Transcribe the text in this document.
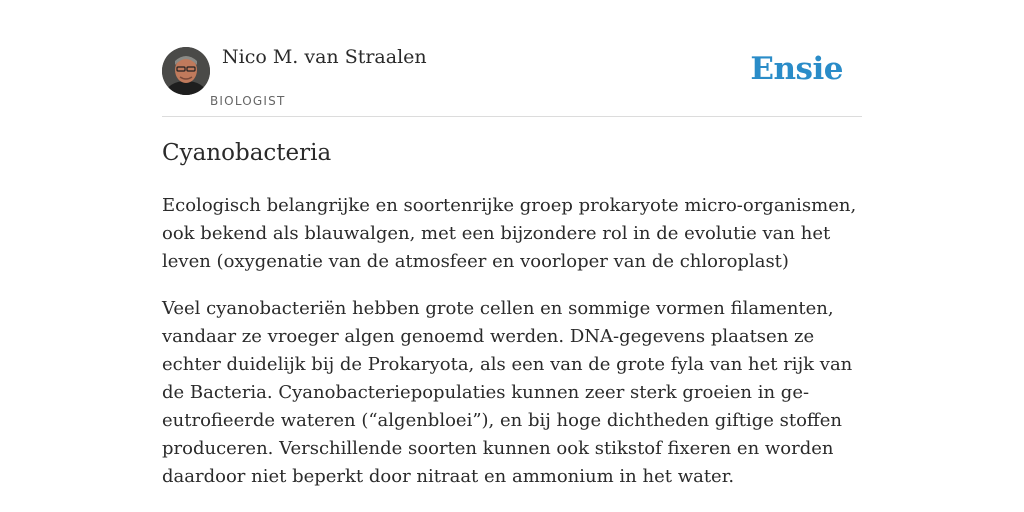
Nico M. van Straalen
BIOLOGIST
Ensie
Cyanobacteria

Ecologisch belangrijke en soortenrijke groep prokaryote micro-organismen, ook bekend als blauwalgen, met een bijzondere rol in de evolutie van het leven (oxygenatie van de atmosfeer en voorloper van de chloroplast)

Veel cyanobacteriën hebben grote cellen en sommige vormen filamenten, vandaar ze vroeger algen genoemd werden. DNA-gegevens plaatsen ze echter duidelijk bij de Prokaryota, als een van de grote fyla van het rijk van de Bacteria. Cyanobacteriepopulaties kunnen zeer sterk groeien in ge-eutrofieerde wateren (“algenbloei”), en bij hoge dichtheden giftige stoffen produceren. Verschillende soorten kunnen ook stikstof fixeren en worden daardoor niet beperkt door nitraat en ammonium in het water.
